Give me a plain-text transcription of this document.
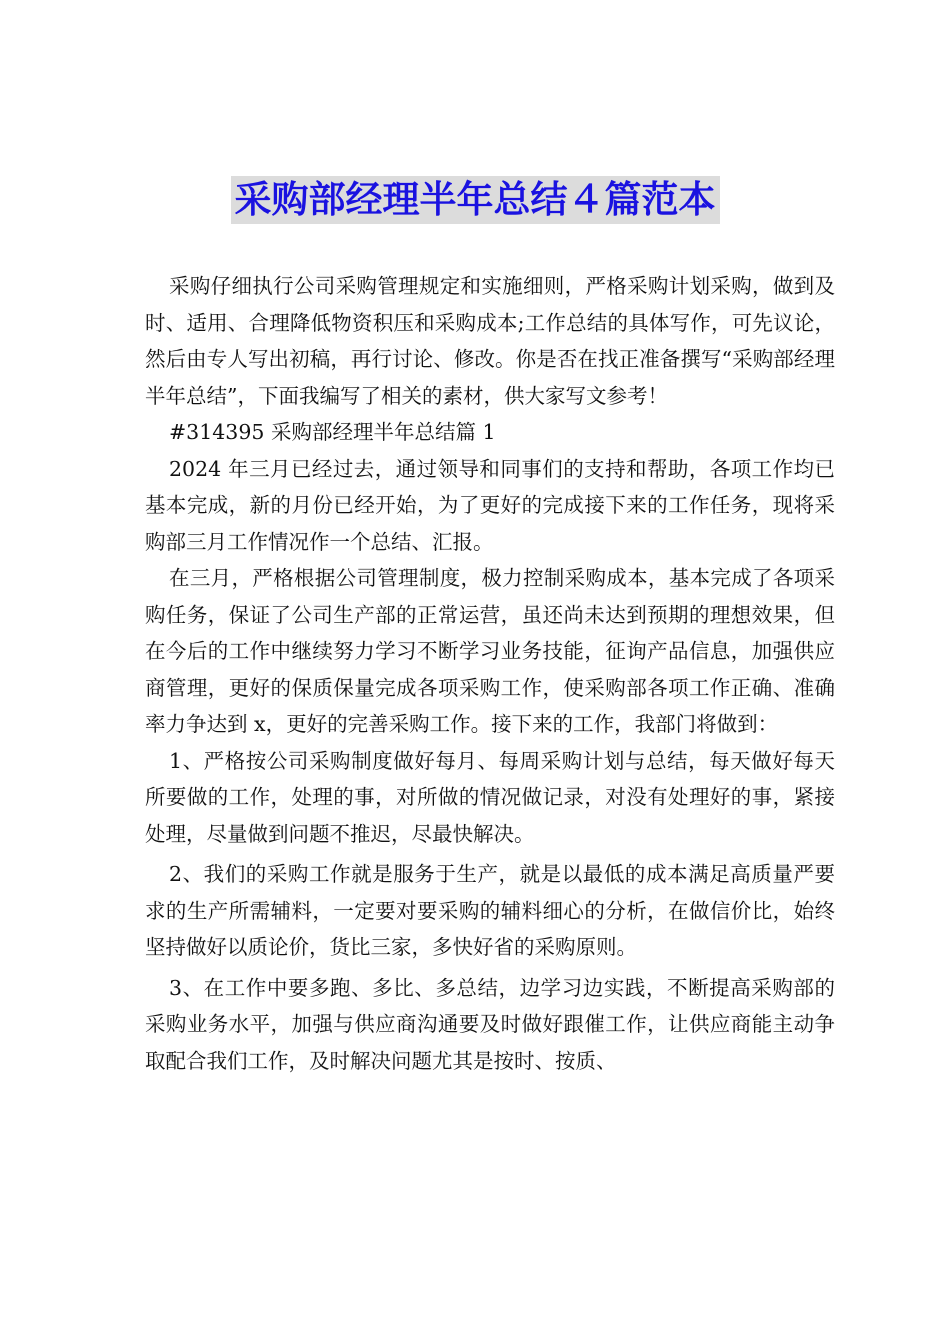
采购部经理半年总结４篇范本

采购仔细执行公司采购管理规定和实施细则，严格采购计划采购，做到及时、适用、合理降低物资积压和采购成本;工作总结的具体写作，可先议论，然后由专人写出初稿，再行讨论、修改。你是否在找正准备撰写“采购部经理半年总结”，下面我编写了相关的素材，供大家写文参考！

#314395 采购部经理半年总结篇 1

2024 年三月已经过去，通过领导和同事们的支持和帮助，各项工作均已基本完成，新的月份已经开始，为了更好的完成接下来的工作任务，现将采购部三月工作情况作一个总结、汇报。

在三月，严格根据公司管理制度，极力控制采购成本，基本完成了各项采购任务，保证了公司生产部的正常运营，虽还尚未达到预期的理想效果，但在今后的工作中继续努力学习不断学习业务技能，征询产品信息，加强供应商管理，更好的保质保量完成各项采购工作，使采购部各项工作正确、准确率力争达到 x，更好的完善采购工作。接下来的工作，我部门将做到：

1、严格按公司采购制度做好每月、每周采购计划与总结，每天做好每天所要做的工作，处理的事，对所做的情况做记录，对没有处理好的事，紧接处理，尽量做到问题不推迟，尽最快解决。

2、我们的采购工作就是服务于生产，就是以最低的成本满足高质量严要求的生产所需辅料，一定要对要采购的辅料细心的分析，在做信价比，始终坚持做好以质论价，货比三家，多快好省的采购原则。

3、在工作中要多跑、多比、多总结，边学习边实践，不断提高采购部的采购业务水平，加强与供应商沟通要及时做好跟催工作，让供应商能主动争取配合我们工作，及时解决问题尤其是按时、按质、
